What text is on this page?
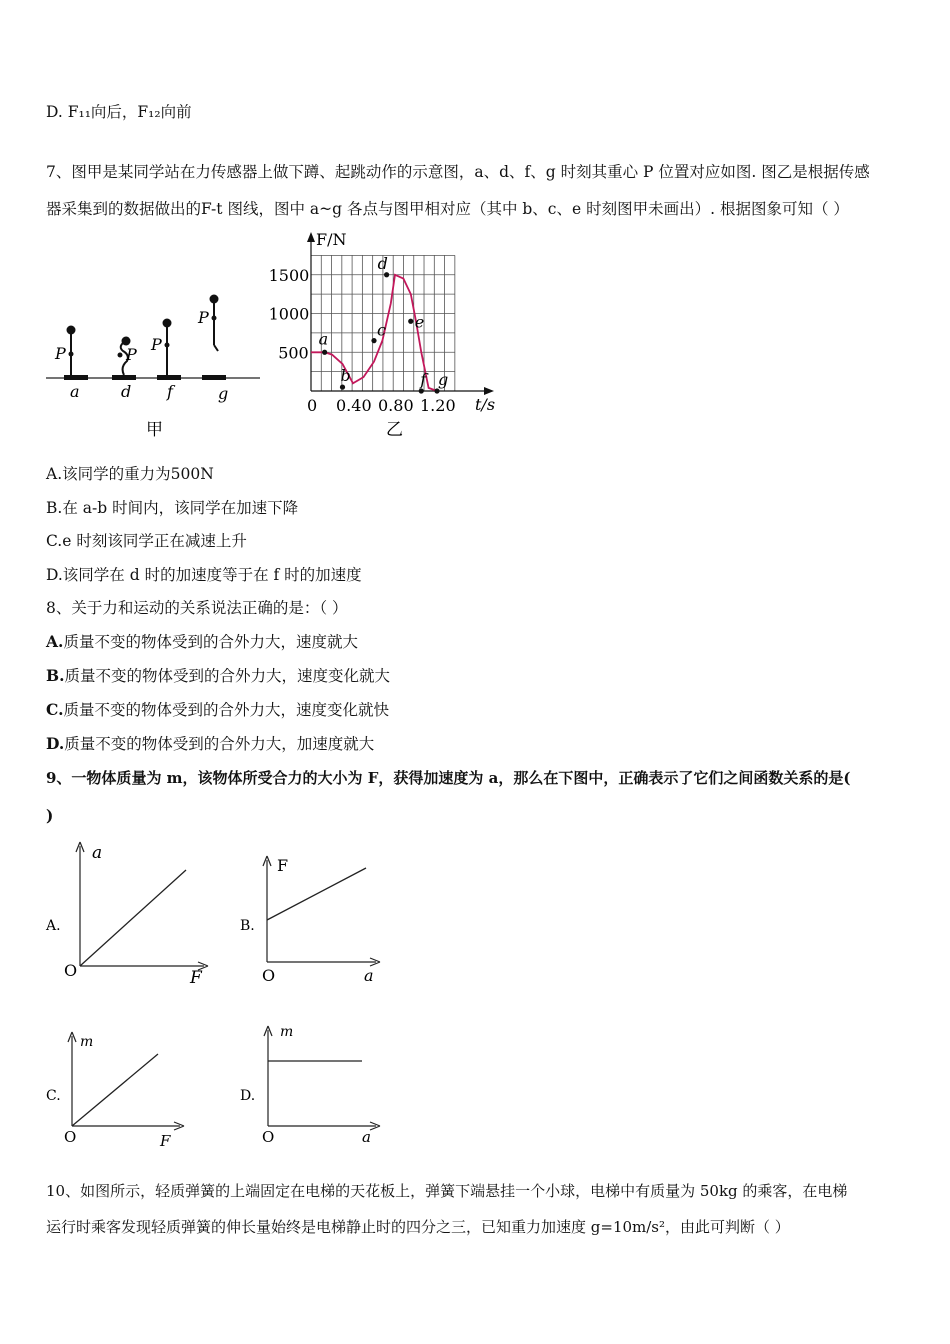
D. F₁₁向后，F₁₂向前
7、图甲是某同学站在力传感器上做下蹲、起跳动作的示意图，a、d、f、g 时刻其重心 P 位置对应如图. 图乙是根据传感
器采集到的数据做出的F-t 图线，图中 a~g 各点与图甲相对应（其中 b、c、e 时刻图甲未画出）. 根据图象可知（ ）
P	P
P
P
a	d f	g
甲
F/N
t/s
0 0.40 0.80 1.20
500
1000
1500
a
b
c
d
e
f g
乙
A.该同学的重力为500N
B.在 a-b 时间内，该同学在加速下降
C.e 时刻该同学正在减速上升
D.该同学在 d 时的加速度等于在 f 时的加速度
8、关于力和运动的关系说法正确的是：（ ）
A.质量不变的物体受到的合外力大，速度就大
B.质量不变的物体受到的合外力大，速度变化就大
C.质量不变的物体受到的合外力大，速度变化就快
D.质量不变的物体受到的合外力大，加速度就大
9、一物体质量为 m，该物体所受合力的大小为 F，获得加速度为 a，那么在下图中，正确表示了它们之间函数关系的是(
)
A.
a
O	F
B.
F
O	a
C.
m
O	F
D.
m
O	a
10、如图所示，轻质弹簧的上端固定在电梯的天花板上，弹簧下端悬挂一个小球，电梯中有质量为 50kg 的乘客，在电梯
运行时乘客发现轻质弹簧的伸长量始终是电梯静止时的四分之三，已知重力加速度 g=10m/s²，由此可判断（ ）
